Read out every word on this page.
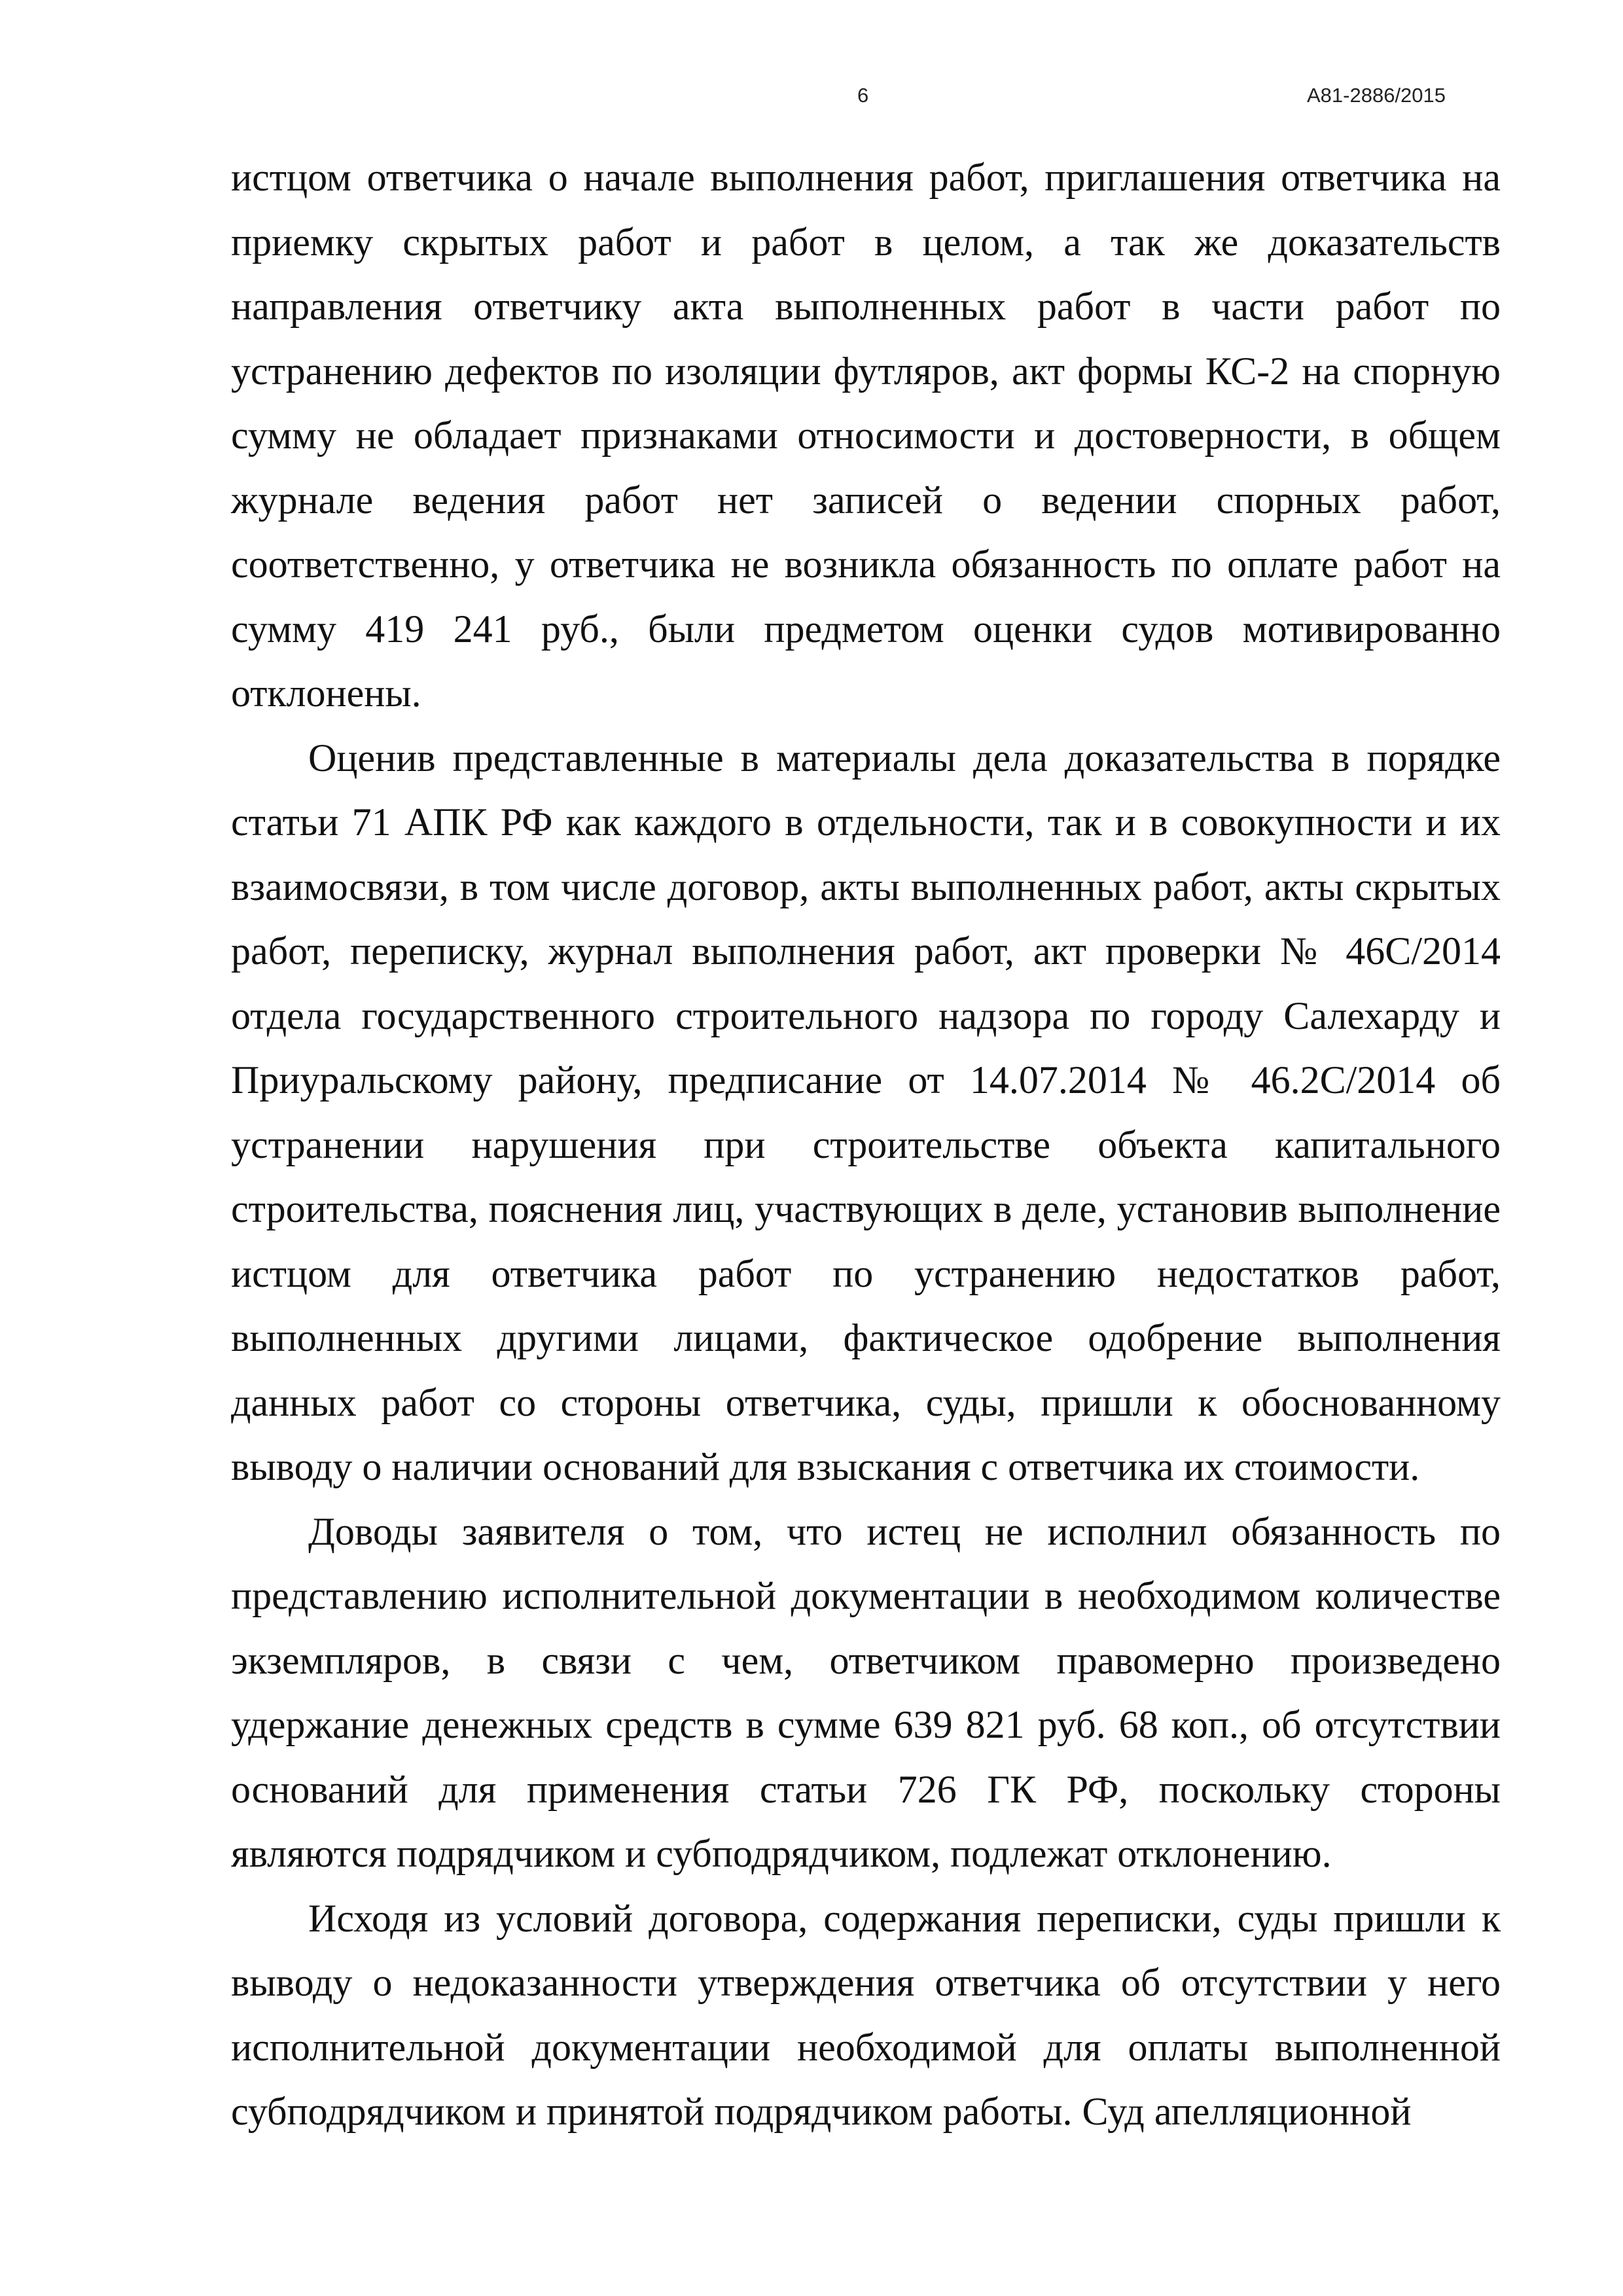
6	А81-2886/2015

истцом ответчика о начале выполнения работ, приглашения ответчика на приемку скрытых работ и работ в целом, а так же доказательств направления ответчику акта выполненных работ в части работ по устранению дефектов по изоляции футляров, акт формы КС-2 на спорную сумму не обладает признаками относимости и достоверности, в общем журнале ведения работ нет записей о ведении спорных работ, соответственно, у ответчика не возникла обязанность по оплате работ на сумму 419 241 руб., были предметом оценки судов мотивированно отклонены.

Оценив представленные в материалы дела доказательства в порядке статьи 71 АПК РФ как каждого в отдельности, так и в совокупности и их взаимосвязи, в том числе договор, акты выполненных работ, акты скрытых работ, переписку, журнал выполнения работ, акт проверки № 46С/2014 отдела государственного строительного надзора по городу Салехарду и Приуральскому району, предписание от 14.07.2014 № 46.2С/2014 об устранении нарушения при строительстве объекта капитального строительства, пояснения лиц, участвующих в деле, установив выполнение истцом для ответчика работ по устранению недостатков работ, выполненных другими лицами, фактическое одобрение выполнения данных работ со стороны ответчика, суды, пришли к обоснованному выводу о наличии оснований для взыскания с ответчика их стоимости.

Доводы заявителя о том, что истец не исполнил обязанность по представлению исполнительной документации в необходимом количестве экземпляров, в связи с чем, ответчиком правомерно произведено удержание денежных средств в сумме 639 821 руб. 68 коп., об отсутствии оснований для применения статьи 726 ГК РФ, поскольку стороны являются подрядчиком и субподрядчиком, подлежат отклонению.

Исходя из условий договора, содержания переписки, суды пришли к выводу о недоказанности утверждения ответчика об отсутствии у него исполнительной документации необходимой для оплаты выполненной субподрядчиком и принятой подрядчиком работы. Суд апелляционной
